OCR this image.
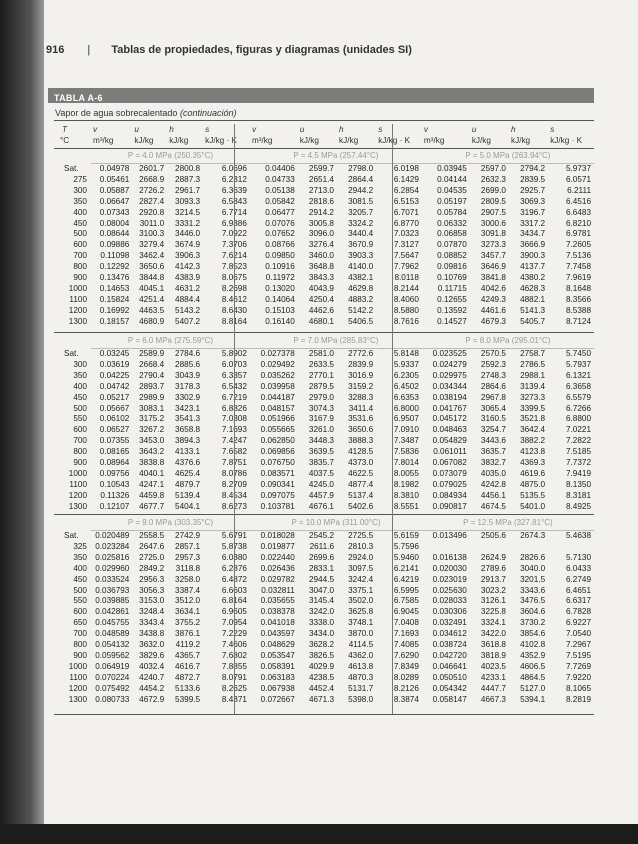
916 | Tablas de propiedades, figuras y diagramas (unidades SI)
TABLA A-6
Vapor de agua sobrecalentado (continuación)
T	v	u	h	s	v	u	h	s	v	u	h	s
°C	m³/kg	kJ/kg	kJ/kg	kJ/kg · K	m³/kg	kJ/kg	kJ/kg	kJ/kg · K	m³/kg	kJ/kg	kJ/kg	kJ/kg · K
	P = 4.0 MPa (250.35°C)				P = 4.5 MPa (257.44°C)				P = 5.0 MPa (263.94°C)			
Sat.	0.04978	2601.7	2800.8	6.0696	0.04406	2599.7	2798.0	6.0198	0.03945	2597.0	2794.2	5.9737
275	0.05461	2668.9	2887.3	6.2312	0.04733	2651.4	2864.4	6.1429	0.04144	2632.3	2839.5	6.0571
300	0.05887	2726.2	2961.7	6.3639	0.05138	2713.0	2944.2	6.2854	0.04535	2699.0	2925.7	6.2111
350	0.06647	2827.4	3093.3	6.5843	0.05842	2818.6	3081.5	6.5153	0.05197	2809.5	3069.3	6.4516
400	0.07343	2920.8	3214.5	6.7714	0.06477	2914.2	3205.7	6.7071	0.05784	2907.5	3196.7	6.6483
450	0.08004	3011.0	3331.2	6.9386	0.07076	3005.8	3324.2	6.8770	0.06332	3000.6	3317.2	6.8210
500	0.08644	3100.3	3446.0	7.0922	0.07652	3096.0	3440.4	7.0323	0.06858	3091.8	3434.7	6.9781
600	0.09886	3279.4	3674.9	7.3706	0.08766	3276.4	3670.9	7.3127	0.07870	3273.3	3666.9	7.2605
700	0.11098	3462.4	3906.3	7.6214	0.09850	3460.0	3903.3	7.5647	0.08852	3457.7	3900.3	7.5136
800	0.12292	3650.6	4142.3	7.8523	0.10916	3648.8	4140.0	7.7962	0.09816	3646.9	4137.7	7.7458
900	0.13476	3844.8	4383.9	8.0675	0.11972	3843.3	4382.1	8.0118	0.10769	3841.8	4380.2	7.9619
1000	0.14653	4045.1	4631.2	8.2698	0.13020	4043.9	4629.8	8.2144	0.11715	4042.6	4628.3	8.1648
1100	0.15824	4251.4	4884.4	8.4612	0.14064	4250.4	4883.2	8.4060	0.12655	4249.3	4882.1	8.3566
1200	0.16992	4463.5	5143.2	8.6430	0.15103	4462.6	5142.2	8.5880	0.13592	4461.6	5141.3	8.5388
1300	0.18157	4680.9	5407.2	8.8164	0.16140	4680.1	5406.5	8.7616	0.14527	4679.3	5405.7	8.7124
	P = 6.0 MPa (275.59°C)				P = 7.0 MPa (285.83°C)				P = 8.0 MPa (295.01°C)			
Sat.	0.03245	2589.9	2784.6	5.8902	0.027378	2581.0	2772.6	5.8148	0.023525	2570.5	2758.7	5.7450
300	0.03619	2668.4	2885.6	6.0703	0.029492	2633.5	2839.9	5.9337	0.024279	2592.3	2786.5	5.7937
350	0.04225	2790.4	3043.9	6.3357	0.035262	2770.1	3016.9	6.2305	0.029975	2748.3	2988.1	6.1321
400	0.04742	2893.7	3178.3	6.5432	0.039958	2879.5	3159.2	6.4502	0.034344	2864.6	3139.4	6.3658
450	0.05217	2989.9	3302.9	6.7219	0.044187	2979.0	3288.3	6.6353	0.038194	2967.8	3273.3	6.5579
500	0.05667	3083.1	3423.1	6.8826	0.048157	3074.3	3411.4	6.8000	0.041767	3065.4	3399.5	6.7266
550	0.06102	3175.2	3541.3	7.0308	0.051966	3167.9	3531.6	6.9507	0.045172	3160.5	3521.8	6.8800
600	0.06527	3267.2	3658.8	7.1693	0.055665	3261.0	3650.6	7.0910	0.048463	3254.7	3642.4	7.0221
700	0.07355	3453.0	3894.3	7.4247	0.062850	3448.3	3888.3	7.3487	0.054829	3443.6	3882.2	7.2822
800	0.08165	3643.2	4133.1	7.6582	0.069856	3639.5	4128.5	7.5836	0.061011	3635.7	4123.8	7.5185
900	0.08964	3838.8	4376.6	7.8751	0.076750	3835.7	4373.0	7.8014	0.067082	3832.7	4369.3	7.7372
1000	0.09756	4040.1	4625.4	8.0786	0.083571	4037.5	4622.5	8.0055	0.073079	4035.0	4619.6	7.9419
1100	0.10543	4247.1	4879.7	8.2709	0.090341	4245.0	4877.4	8.1982	0.079025	4242.8	4875.0	8.1350
1200	0.11326	4459.8	5139.4	8.4534	0.097075	4457.9	5137.4	8.3810	0.084934	4456.1	5135.5	8.3181
1300	0.12107	4677.7	5404.1	8.6273	0.103781	4676.1	5402.6	8.5551	0.090817	4674.5	5401.0	8.4925
	P = 9.0 MPa (303.35°C)				P = 10.0 MPa (311.00°C)				P = 12.5 MPa (327.81°C)			
Sat.	0.020489	2558.5	2742.9	5.6791	0.018028	2545.2	2725.5	5.6159	0.013496	2505.6	2674.3	5.4638
325	0.023284	2647.6	2857.1	5.8738	0.019877	2611.6	2810.3	5.7596				
350	0.025816	2725.0	2957.3	6.0380	0.022440	2699.6	2924.0	5.9460	0.016138	2624.9	2826.6	5.7130
400	0.029960	2849.2	3118.8	6.2876	0.026436	2833.1	3097.5	6.2141	0.020030	2789.6	3040.0	6.0433
450	0.033524	2956.3	3258.0	6.4872	0.029782	2944.5	3242.4	6.4219	0.023019	2913.7	3201.5	6.2749
500	0.036793	3056.3	3387.4	6.6603	0.032811	3047.0	3375.1	6.5995	0.025630	3023.2	3343.6	6.4651
550	0.039885	3153.0	3512.0	6.8164	0.035655	3145.4	3502.0	6.7585	0.028033	3126.1	3476.5	6.6317
600	0.042861	3248.4	3634.1	6.9605	0.038378	3242.0	3625.8	6.9045	0.030306	3225.8	3604.6	6.7828
650	0.045755	3343.4	3755.2	7.0954	0.041018	3338.0	3748.1	7.0408	0.032491	3324.1	3730.2	6.9227
700	0.048589	3438.8	3876.1	7.2229	0.043597	3434.0	3870.0	7.1693	0.034612	3422.0	3854.6	7.0540
800	0.054132	3632.0	4119.2	7.4606	0.048629	3628.2	4114.5	7.4085	0.038724	3618.8	4102.8	7.2967
900	0.059562	3829.6	4365.7	7.6802	0.053547	3826.5	4362.0	7.6290	0.042720	3818.9	4352.9	7.5195
1000	0.064919	4032.4	4616.7	7.8855	0.058391	4029.9	4613.8	7.8349	0.046641	4023.5	4606.5	7.7269
1100	0.070224	4240.7	4872.7	8.0791	0.063183	4238.5	4870.3	8.0289	0.050510	4233.1	4864.5	7.9220
1200	0.075492	4454.2	5133.6	8.2625	0.067938	4452.4	5131.7	8.2126	0.054342	4447.7	5127.0	8.1065
1300	0.080733	4672.9	5399.5	8.4371	0.072667	4671.3	5398.0	8.3874	0.058147	4667.3	5394.1	8.2819
